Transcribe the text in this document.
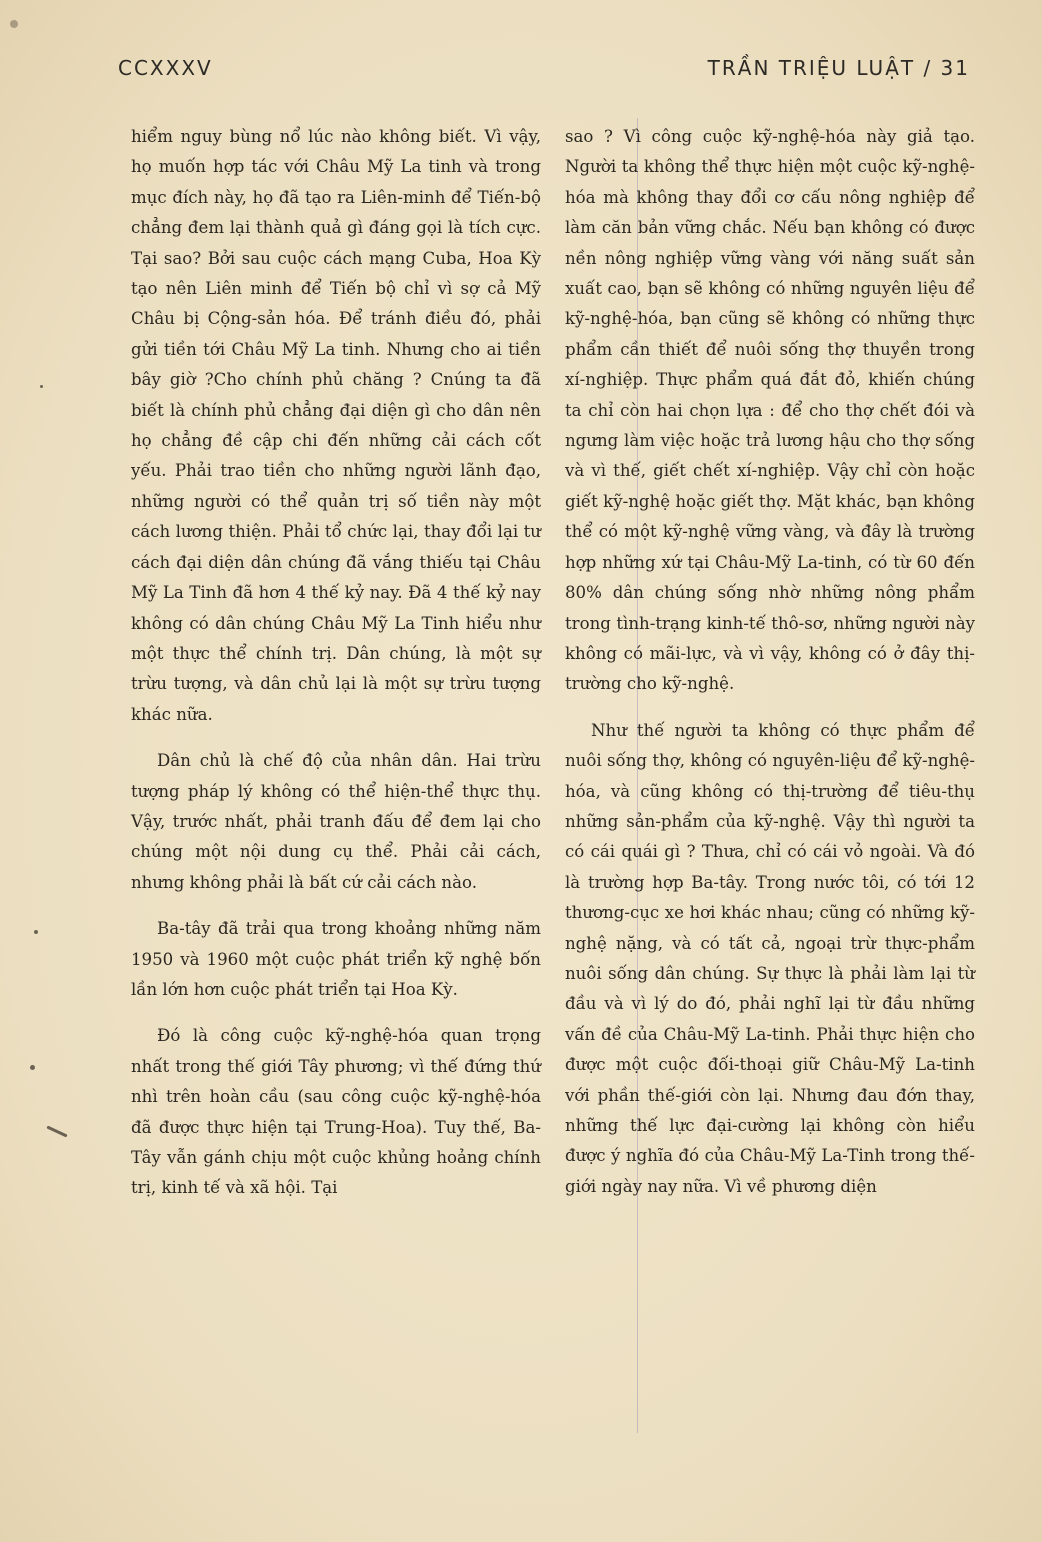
CCXXXV	TRẦN TRIỆU LUẬT / 31

hiểm nguy bùng nổ lúc nào không biết. Vì vậy, họ muốn hợp tác với Châu Mỹ La tinh và trong mục đích này, họ đã tạo ra Liên-minh để Tiến-bộ chẳng đem lại thành quả gì đáng gọi là tích cực. Tại sao? Bởi sau cuộc cách mạng Cuba, Hoa Kỳ tạo nên Liên minh để Tiến bộ chỉ vì sợ cả Mỹ Châu bị Cộng-sản hóa. Để tránh điều đó, phải gửi tiền tới Châu Mỹ La tinh. Nhưng cho ai tiền bây giờ ?Cho chính phủ chăng ? Cnúng ta đã biết là chính phủ chẳng đại diện gì cho dân nên họ chẳng đề cập chi đến những cải cách cốt yếu. Phải trao tiền cho những người lãnh đạo, những người có thể quản trị số tiền này một cách lương thiện. Phải tổ chức lại, thay đổi lại tư cách đại diện dân chúng đã vắng thiếu tại Châu Mỹ La Tinh đã hơn 4 thế kỷ nay. Đã 4 thế kỷ nay không có dân chúng Châu Mỹ La Tinh hiểu như một thực thể chính trị. Dân chúng, là một sự trừu tượng, và dân chủ lại là một sự trừu tượng khác nữa.

Dân chủ là chế độ của nhân dân. Hai trừu tượng pháp lý không có thể hiện-thể thực thụ. Vậy, trước nhất, phải tranh đấu để đem lại cho chúng một nội dung cụ thể. Phải cải cách, nhưng không phải là bất cứ cải cách nào.

Ba-tây đã trải qua trong khoảng những năm 1950 và 1960 một cuộc phát triển kỹ nghệ bốn lần lớn hơn cuộc phát triển tại Hoa Kỳ.

Đó là công cuộc kỹ-nghệ-hóa quan trọng nhất trong thế giới Tây phương; vì thế đứng thứ nhì trên hoàn cầu (sau công cuộc kỹ-nghệ-hóa đã được thực hiện tại Trung-Hoa). Tuy thế, Ba-Tây vẫn gánh chịu một cuộc khủng hoảng chính trị, kinh tế và xã hội. Tại

sao ? Vì công cuộc kỹ-nghệ-hóa này giả tạo. Người ta không thể thực hiện một cuộc kỹ-nghệ-hóa mà không thay đổi cơ cấu nông nghiệp để làm căn bản vững chắc. Nếu bạn không có được nền nông nghiệp vững vàng với năng suất sản xuất cao, bạn sẽ không có những nguyên liệu để kỹ-nghệ-hóa, bạn cũng sẽ không có những thực phẩm cần thiết để nuôi sống thợ thuyền trong xí-nghiệp. Thực phẩm quá đắt đỏ, khiến chúng ta chỉ còn hai chọn lựa : để cho thợ chết đói và ngưng làm việc hoặc trả lương hậu cho thợ sống và vì thế, giết chết xí-nghiệp. Vậy chỉ còn hoặc giết kỹ-nghệ hoặc giết thợ. Mặt khác, bạn không thể có một kỹ-nghệ vững vàng, và đây là trường hợp những xứ tại Châu-Mỹ La-tinh, có từ 60 đến 80% dân chúng sống nhờ những nông phẩm trong tình-trạng kinh-tế thô-sơ, những người này không có mãi-lực, và vì vậy, không có ở đây thị-trường cho kỹ-nghệ.

Như thế người ta không có thực phẩm để nuôi sống thợ, không có nguyên-liệu để kỹ-nghệ-hóa, và cũng không có thị-trường để tiêu-thụ những sản-phẩm của kỹ-nghệ. Vậy thì người ta có cái quái gì ? Thưa, chỉ có cái vỏ ngoài. Và đó là trường hợp Ba-tây. Trong nước tôi, có tới 12 thương-cục xe hơi khác nhau; cũng có những kỹ-nghệ nặng, và có tất cả, ngoại trừ thực-phẩm nuôi sống dân chúng. Sự thực là phải làm lại từ đầu và vì lý do đó, phải nghĩ lại từ đầu những vấn đề của Châu-Mỹ La-tinh. Phải thực hiện cho được một cuộc đối-thoại giữ Châu-Mỹ La-tinh với phần thế-giới còn lại. Nhưng đau đớn thay, những thế lực đại-cường lại không còn hiểu được ý nghĩa đó của Châu-Mỹ La-Tinh trong thế-giới ngày nay nữa. Vì về phương diện
